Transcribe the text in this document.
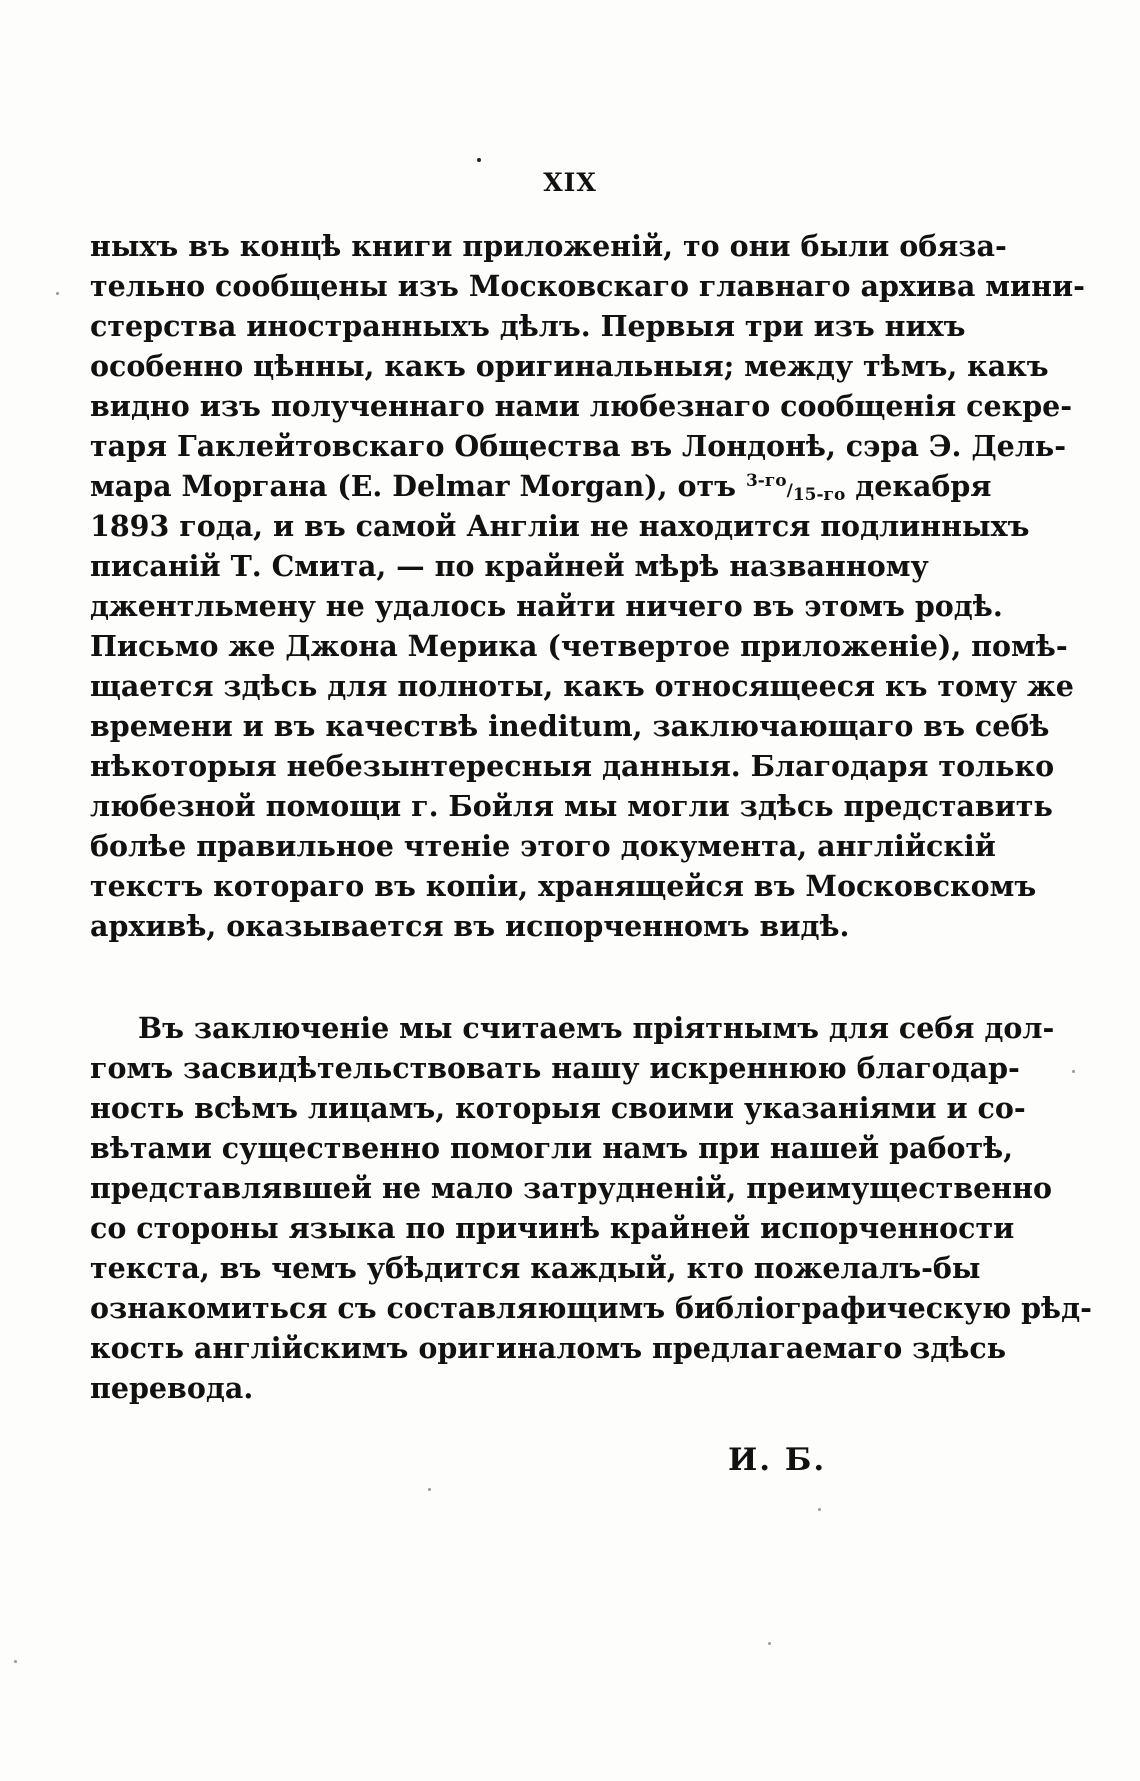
XIX
ныхъ въ концѣ книги приложенiй, то они были обяза-
тельно сообщены изъ Московскаго главнаго архива мини-
стерства иностранныхъ дѣлъ. Первыя три изъ нихъ
особенно цѣнны, какъ оригинальныя; между тѣмъ, какъ
видно изъ полученнаго нами любезнаго сообщенiя секре-
таря Гаклейтовскаго Общества въ Лондонѣ, сэра Э. Дель-
мара Моргана (E. Delmar Morgan), отъ 3-го/15-го декабря
1893 года, и въ самой Англiи не находится подлинныхъ
писанiй Т. Смита, — по крайней мѣрѣ названному
джентльмену не удалось найти ничего въ этомъ родѣ.
Письмо же Джона Мерика (четвертое приложенiе), помѣ-
щается здѣсь для полноты, какъ относящееся къ тому же
времени и въ качествѣ ineditum, заключающаго въ себѣ
нѣкоторыя небезынтересныя данныя. Благодаря только
любезной помощи г. Бойля мы могли здѣсь представить
болѣе правильное чтенiе этого документа, англiйскiй
текстъ котораго въ копiи, хранящейся въ Московскомъ
архивѣ, оказывается въ испорченномъ видѣ.
Въ заключенiе мы считаемъ прiятнымъ для себя дол-
гомъ засвидѣтельствовать нашу искреннюю благодар-
ность всѣмъ лицамъ, которыя своими указанiями и со-
вѣтами существенно помогли намъ при нашей работѣ,
представлявшей не мало затрудненiй, преимущественно
со стороны языка по причинѣ крайней испорченности
текста, въ чемъ убѣдится каждый, кто пожелалъ-бы
ознакомиться съ составляющимъ библiографическую рѣд-
кость англiйскимъ оригиналомъ предлагаемаго здѣсь
перевода.
И. Б.
